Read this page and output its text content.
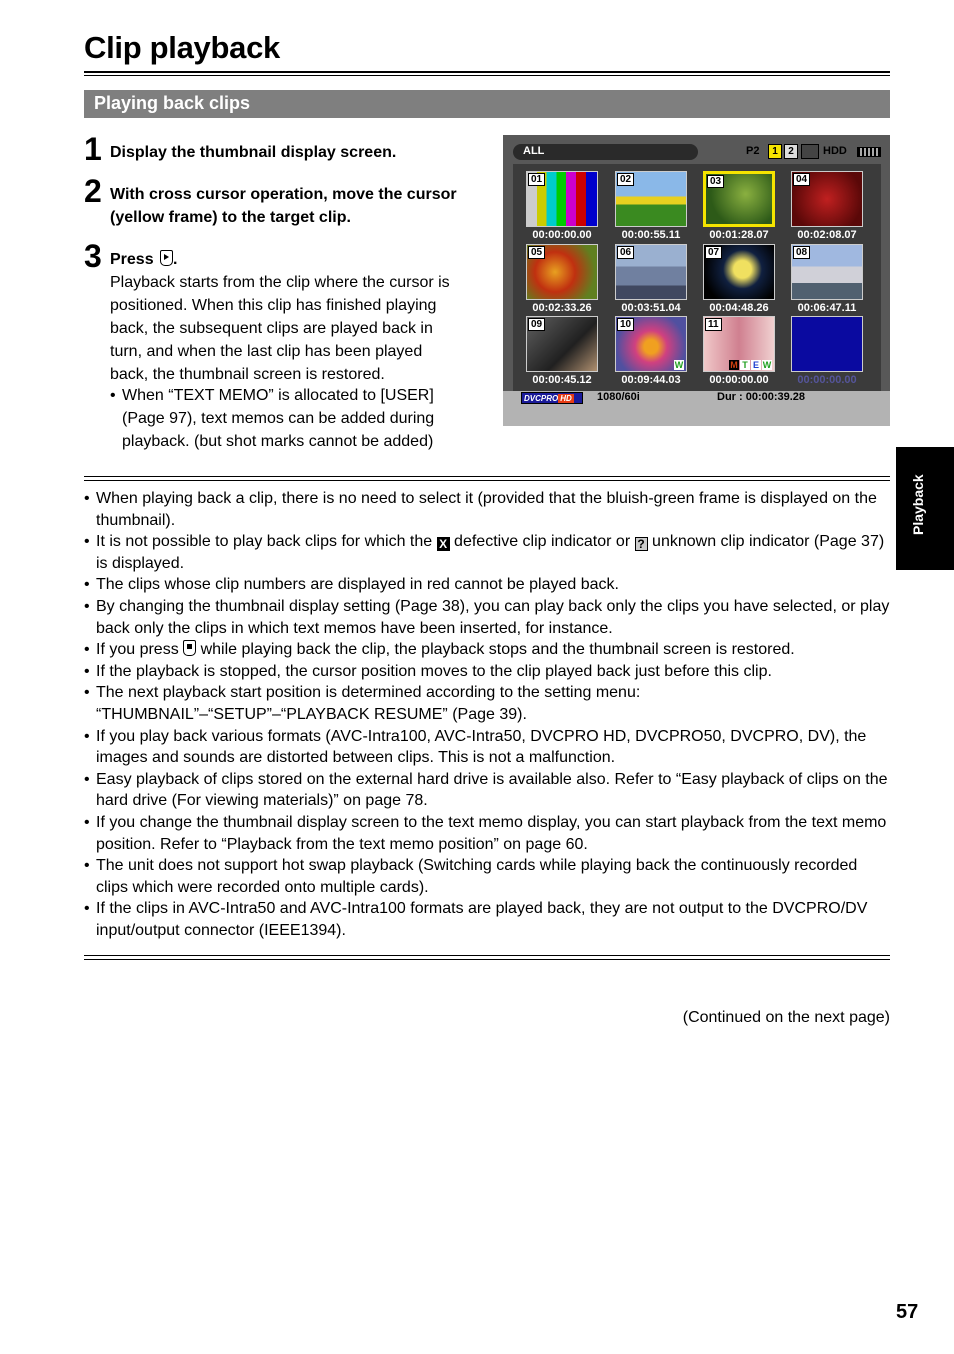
Clip playback
Playing back clips
1 Display the thumbnail display screen.
2 With cross cursor operation, move the cursor (yellow frame) to the target clip.
3 Press .
Playback starts from the clip where the cursor is positioned. When this clip has finished playing back, the subsequent clips are played back in turn, and when the last clip has been played back, the thumbnail screen is restored.
• When “TEXT MEMO” is allocated to [USER] (Page 97), text memos can be added during playback. (but shot marks cannot be added)
ALL	P2	1	2	HDD
01
00:00:00.00
02
00:00:55.11
03
00:01:28.07
04
00:02:08.07
05
00:02:33.26
06
00:03:51.04
07
00:04:48.26
08
00:06:47.11
09
00:00:45.12
10
W
00:09:44.03
11
M T E W
00:00:00.00	00:00:00.00
DVCPRO HD	1080/60i	Dur : 00:00:39.28
Playback
• When playing back a clip, there is no need to select it (provided that the bluish-green frame is displayed on the thumbnail).
• It is not possible to play back clips for which the X defective clip indicator or ? unknown clip indicator (Page 37) is displayed.
• The clips whose clip numbers are displayed in red cannot be played back.
• By changing the thumbnail display setting (Page 38), you can play back only the clips you have selected, or play back only the clips in which text memos have been inserted, for instance.
• If you press  while playing back the clip, the playback stops and the thumbnail screen is restored.
• If the playback is stopped, the cursor position moves to the clip played back just before this clip.
• The next playback start position is determined according to the setting menu: “THUMBNAIL”–“SETUP”–“PLAYBACK RESUME” (Page 39).
• If you play back various formats (AVC-Intra100, AVC-Intra50, DVCPRO HD, DVCPRO50, DVCPRO, DV), the images and sounds are distorted between clips. This is not a malfunction.
• Easy playback of clips stored on the external hard drive is available also. Refer to “Easy playback of clips on the hard drive (For viewing materials)” on page 78.
• If you change the thumbnail display screen to the text memo display, you can start playback from the text memo position. Refer to “Playback from the text memo position” on page 60.
• The unit does not support hot swap playback (Switching cards while playing back the continuously recorded clips which were recorded onto multiple cards).
• If the clips in AVC-Intra50 and AVC-Intra100 formats are played back, they are not output to the DVCPRO/DV input/output connector (IEEE1394).
(Continued on the next page)
57
